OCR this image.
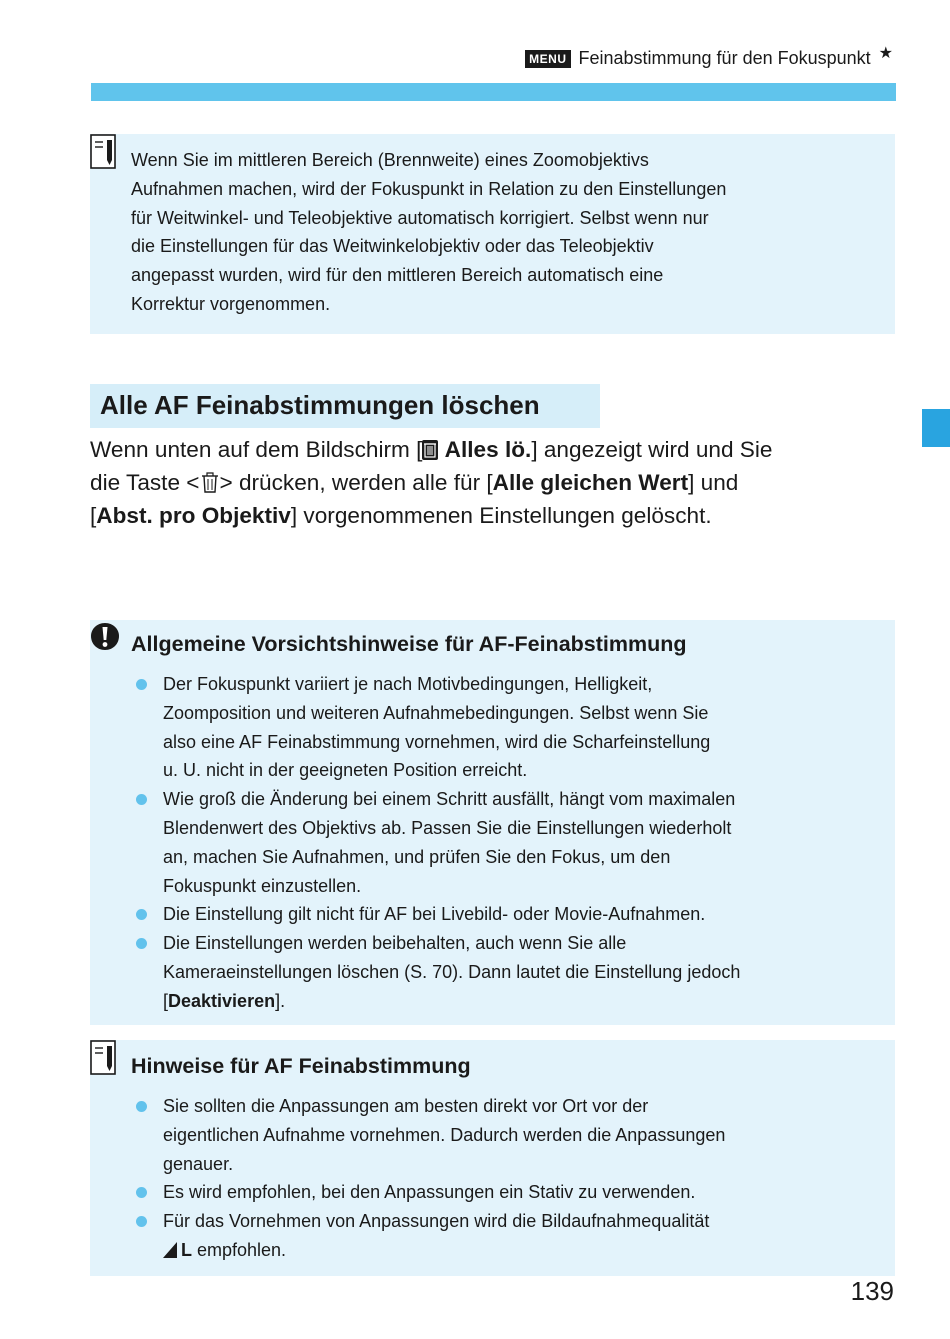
MENU Feinabstimmung für den Fokuspunkt ★

Wenn Sie im mittleren Bereich (Brennweite) eines Zoomobjektivs

Aufnahmen machen, wird der Fokuspunkt in Relation zu den Einstellungen

für Weitwinkel- und Teleobjektive automatisch korrigiert. Selbst wenn nur

die Einstellungen für das Weitwinkelobjektiv oder das Teleobjektiv

angepasst wurden, wird für den mittleren Bereich automatisch eine

Korrektur vorgenommen.

Alle AF Feinabstimmungen löschen

Wenn unten auf dem Bildschirm [ Alles lö.] angezeigt wird und Sie
die Taste < > drücken, werden alle für [Alle gleichen Wert] und
[Abst. pro Objektiv] vorgenommenen Einstellungen gelöscht.

Allgemeine Vorsichtshinweise für AF-Feinabstimmung

Der Fokuspunkt variiert je nach Motivbedingungen, Helligkeit,
Zoomposition und weiteren Aufnahmebedingungen. Selbst wenn Sie
also eine AF Feinabstimmung vornehmen, wird die Scharfeinstellung
u. U. nicht in der geeigneten Position erreicht.
Wie groß die Änderung bei einem Schritt ausfällt, hängt vom maximalen
Blendenwert des Objektivs ab. Passen Sie die Einstellungen wiederholt
an, machen Sie Aufnahmen, und prüfen Sie den Fokus, um den
Fokuspunkt einzustellen.
Die Einstellung gilt nicht für AF bei Livebild- oder Movie-Aufnahmen.
Die Einstellungen werden beibehalten, auch wenn Sie alle
Kameraeinstellungen löschen (S. 70). Dann lautet die Einstellung jedoch
[Deaktivieren].

Hinweise für AF Feinabstimmung

Sie sollten die Anpassungen am besten direkt vor Ort vor der
eigentlichen Aufnahme vornehmen. Dadurch werden die Anpassungen
genauer.
Es wird empfohlen, bei den Anpassungen ein Stativ zu verwenden.
Für das Vornehmen von Anpassungen wird die Bildaufnahmequalität
L empfohlen.

139
